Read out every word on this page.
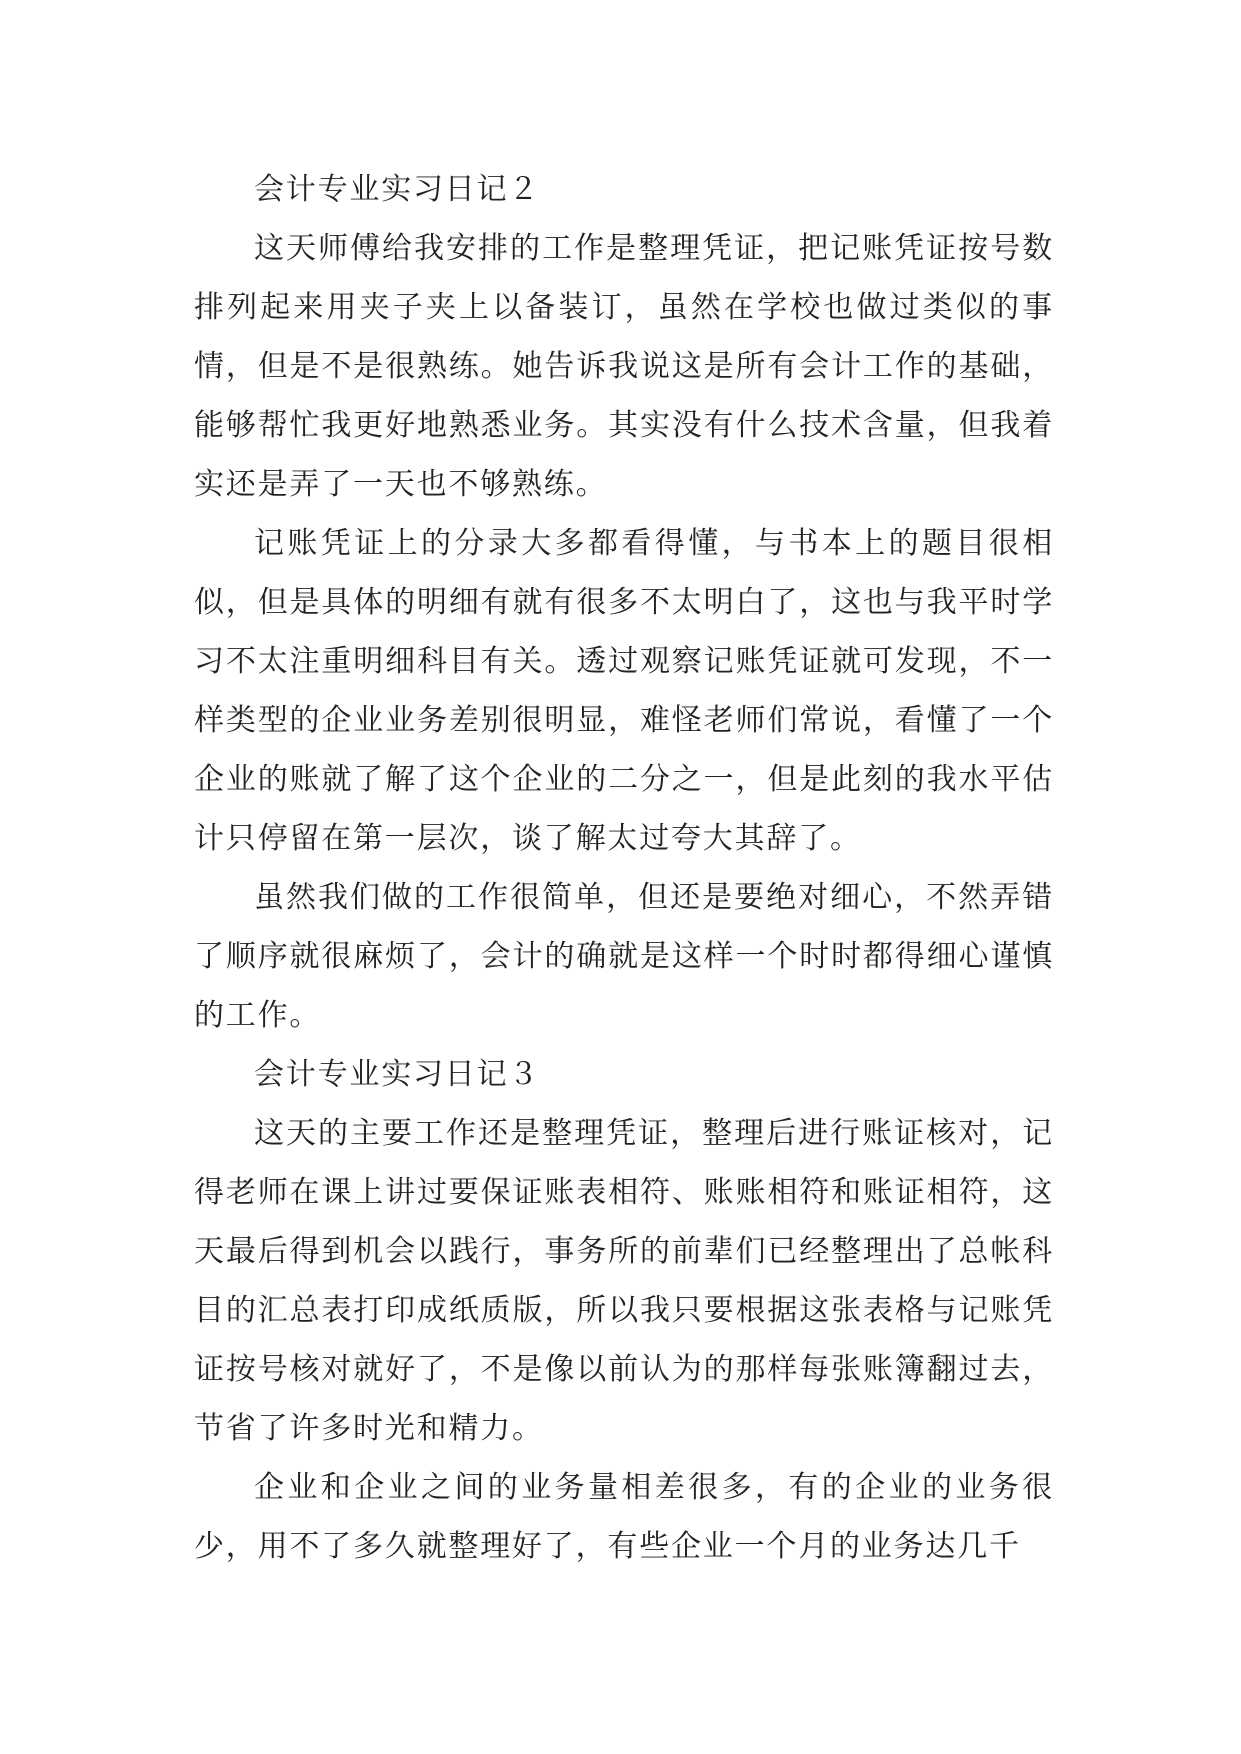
会计专业实习日记２

这天师傅给我安排的工作是整理凭证，把记账凭证按号数排列起来用夹子夹上以备装订，虽然在学校也做过类似的事情，但是不是很熟练。她告诉我说这是所有会计工作的基础，能够帮忙我更好地熟悉业务。其实没有什么技术含量，但我着实还是弄了一天也不够熟练。

记账凭证上的分录大多都看得懂，与书本上的题目很相似，但是具体的明细有就有很多不太明白了，这也与我平时学习不太注重明细科目有关。透过观察记账凭证就可发现，不一样类型的企业业务差别很明显，难怪老师们常说，看懂了一个企业的账就了解了这个企业的二分之一，但是此刻的我水平估计只停留在第一层次，谈了解太过夸大其辞了。

虽然我们做的工作很简单，但还是要绝对细心，不然弄错了顺序就很麻烦了，会计的确就是这样一个时时都得细心谨慎的工作。

会计专业实习日记３

这天的主要工作还是整理凭证，整理后进行账证核对，记得老师在课上讲过要保证账表相符、账账相符和账证相符，这天最后得到机会以践行，事务所的前辈们已经整理出了总帐科目的汇总表打印成纸质版，所以我只要根据这张表格与记账凭证按号核对就好了，不是像以前认为的那样每张账簿翻过去，节省了许多时光和精力。

企业和企业之间的业务量相差很多，有的企业的业务很少，用不了多久就整理好了，有些企业一个月的业务达几千
